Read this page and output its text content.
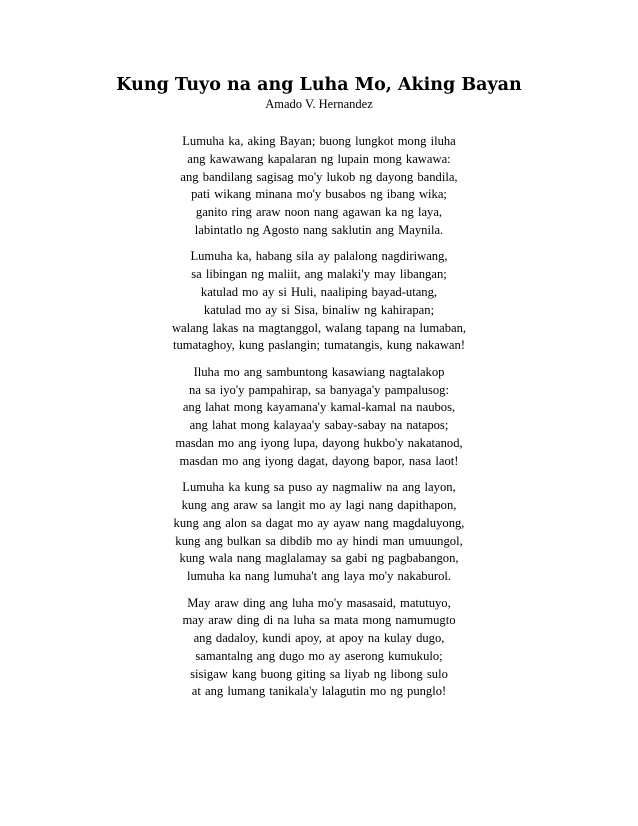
Kung Tuyo na ang Luha Mo, Aking Bayan
Amado V. Hernandez
Lumuha ka, aking Bayan; buong lungkot mong iluha
ang kawawang kapalaran ng lupain mong kawawa:
ang bandilang sagisag mo'y lukob ng dayong bandila,
pati wikang minana mo'y busabos ng ibang wika;
ganito ring araw noon nang agawan ka ng laya,
labintatlo ng Agosto nang saklutin ang Maynila.
Lumuha ka, habang sila ay palalong nagdiriwang,
sa libingan ng maliit, ang malaki'y may libangan;
katulad mo ay si Huli, naaliping bayad-utang,
katulad mo ay si Sisa, binaliw ng kahirapan;
walang lakas na magtanggol, walang tapang na lumaban,
tumataghoy, kung paslangin; tumatangis, kung nakawan!
Iluha mo ang sambuntong kasawiang nagtalakop
na sa iyo'y pampahirap, sa banyaga'y pampalusog:
ang lahat mong kayamana'y kamal-kamal na naubos,
ang lahat mong kalayaa'y sabay-sabay na natapos;
masdan mo ang iyong lupa, dayong hukbo'y nakatanod,
masdan mo ang iyong dagat, dayong bapor, nasa laot!
Lumuha ka kung sa puso ay nagmaliw na ang layon,
kung ang araw sa langit mo ay lagi nang dapithapon,
kung ang alon sa dagat mo ay ayaw nang magdaluyong,
kung ang bulkan sa dibdib mo ay hindi man umuungol,
kung wala nang maglalamay sa gabi ng pagbabangon,
lumuha ka nang lumuha't ang laya mo'y nakaburol.
May araw ding ang luha mo'y masasaid, matutuyo,
may araw ding di na luha sa mata mong namumugto
ang dadaloy, kundi apoy, at apoy na kulay dugo,
samantalng ang dugo mo ay aserong kumukulo;
sisigaw kang buong giting sa liyab ng libong sulo
at ang lumang tanikala'y lalagutin mo ng punglo!
